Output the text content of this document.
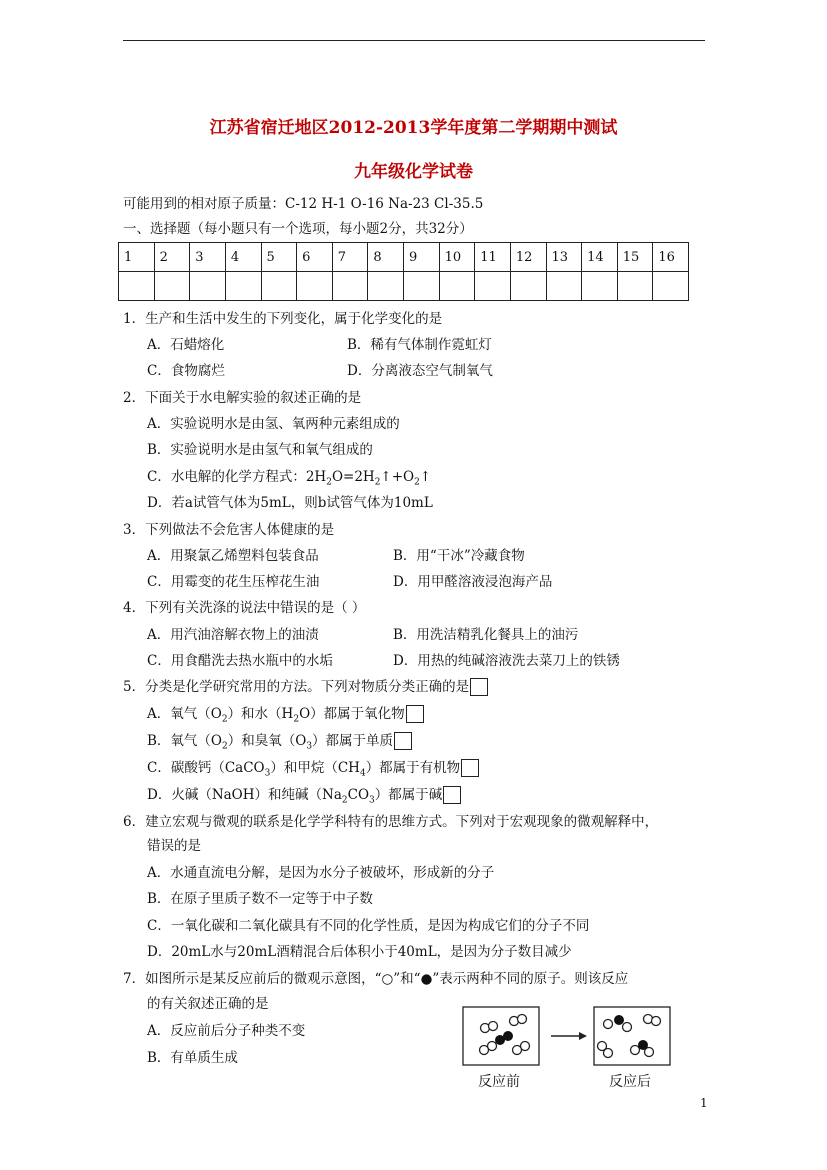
江苏省宿迁地区2012-2013学年度第二学期期中测试
九年级化学试卷
可能用到的相对原子质量：C-12 H-1 O-16 Na-23 Cl-35.5
一、选择题（每小题只有一个选项，每小题2分，共32分）
1	2	3	4	5	6	7	8	9	10	11	12	13	14	15	16

1．生产和生活中发生的下列变化，属于化学变化的是
A．石蜡熔化	B．稀有气体制作霓虹灯
C．食物腐烂	D．分离液态空气制氧气
2．下面关于水电解实验的叙述正确的是
A．实验说明水是由氢、氧两种元素组成的
B．实验说明水是由氢气和氧气组成的
C．水电解的化学方程式：$2H_2O=2H_2↑+O_2↑$
D．若a试管气体为5mL，则b试管气体为10mL
3．下列做法不会危害人体健康的是
A．用聚氯乙烯塑料包装食品	B．用“干冰”冷藏食物
C．用霉变的花生压榨花生油	D．用甲醛溶液浸泡海产品
4．下列有关洗涤的说法中错误的是（ ）
A．用汽油溶解衣物上的油渍	B．用洗洁精乳化餐具上的油污
C．用食醋洗去热水瓶中的水垢	D．用热的纯碱溶液洗去菜刀上的铁锈
5．分类是化学研究常用的方法。下列对物质分类正确的是
A．氧气$(O_2)$和水$(H_2O)$都属于氧化物
B．氧气$(O_2)$和臭氧$(O_3)$都属于单质
C．碳酸钙（CaCO$_3$）和甲烷$(CH_4)$都属于有机物
D．火碱（NaOH）和纯碱$(Na_2CO_3)$都属于碱
6．建立宏观与微观的联系是化学学科特有的思维方式。下列对于宏观现象的微观解释中，
错误的是
A．水通直流电分解，是因为水分子被破坏，形成新的分子
B．在原子里质子数不一定等于中子数
C．一氧化碳和二氧化碳具有不同的化学性质，是因为构成它们的分子不同
D．20mL水与20mL酒精混合后体积小于40mL，是因为分子数目减少
7．如图所示是某反应前后的微观示意图，“○”和“●”表示两种不同的原子。则该反应
的有关叙述正确的是
A．反应前后分子种类不变
B．有单质生成
反应前	反应后
1
